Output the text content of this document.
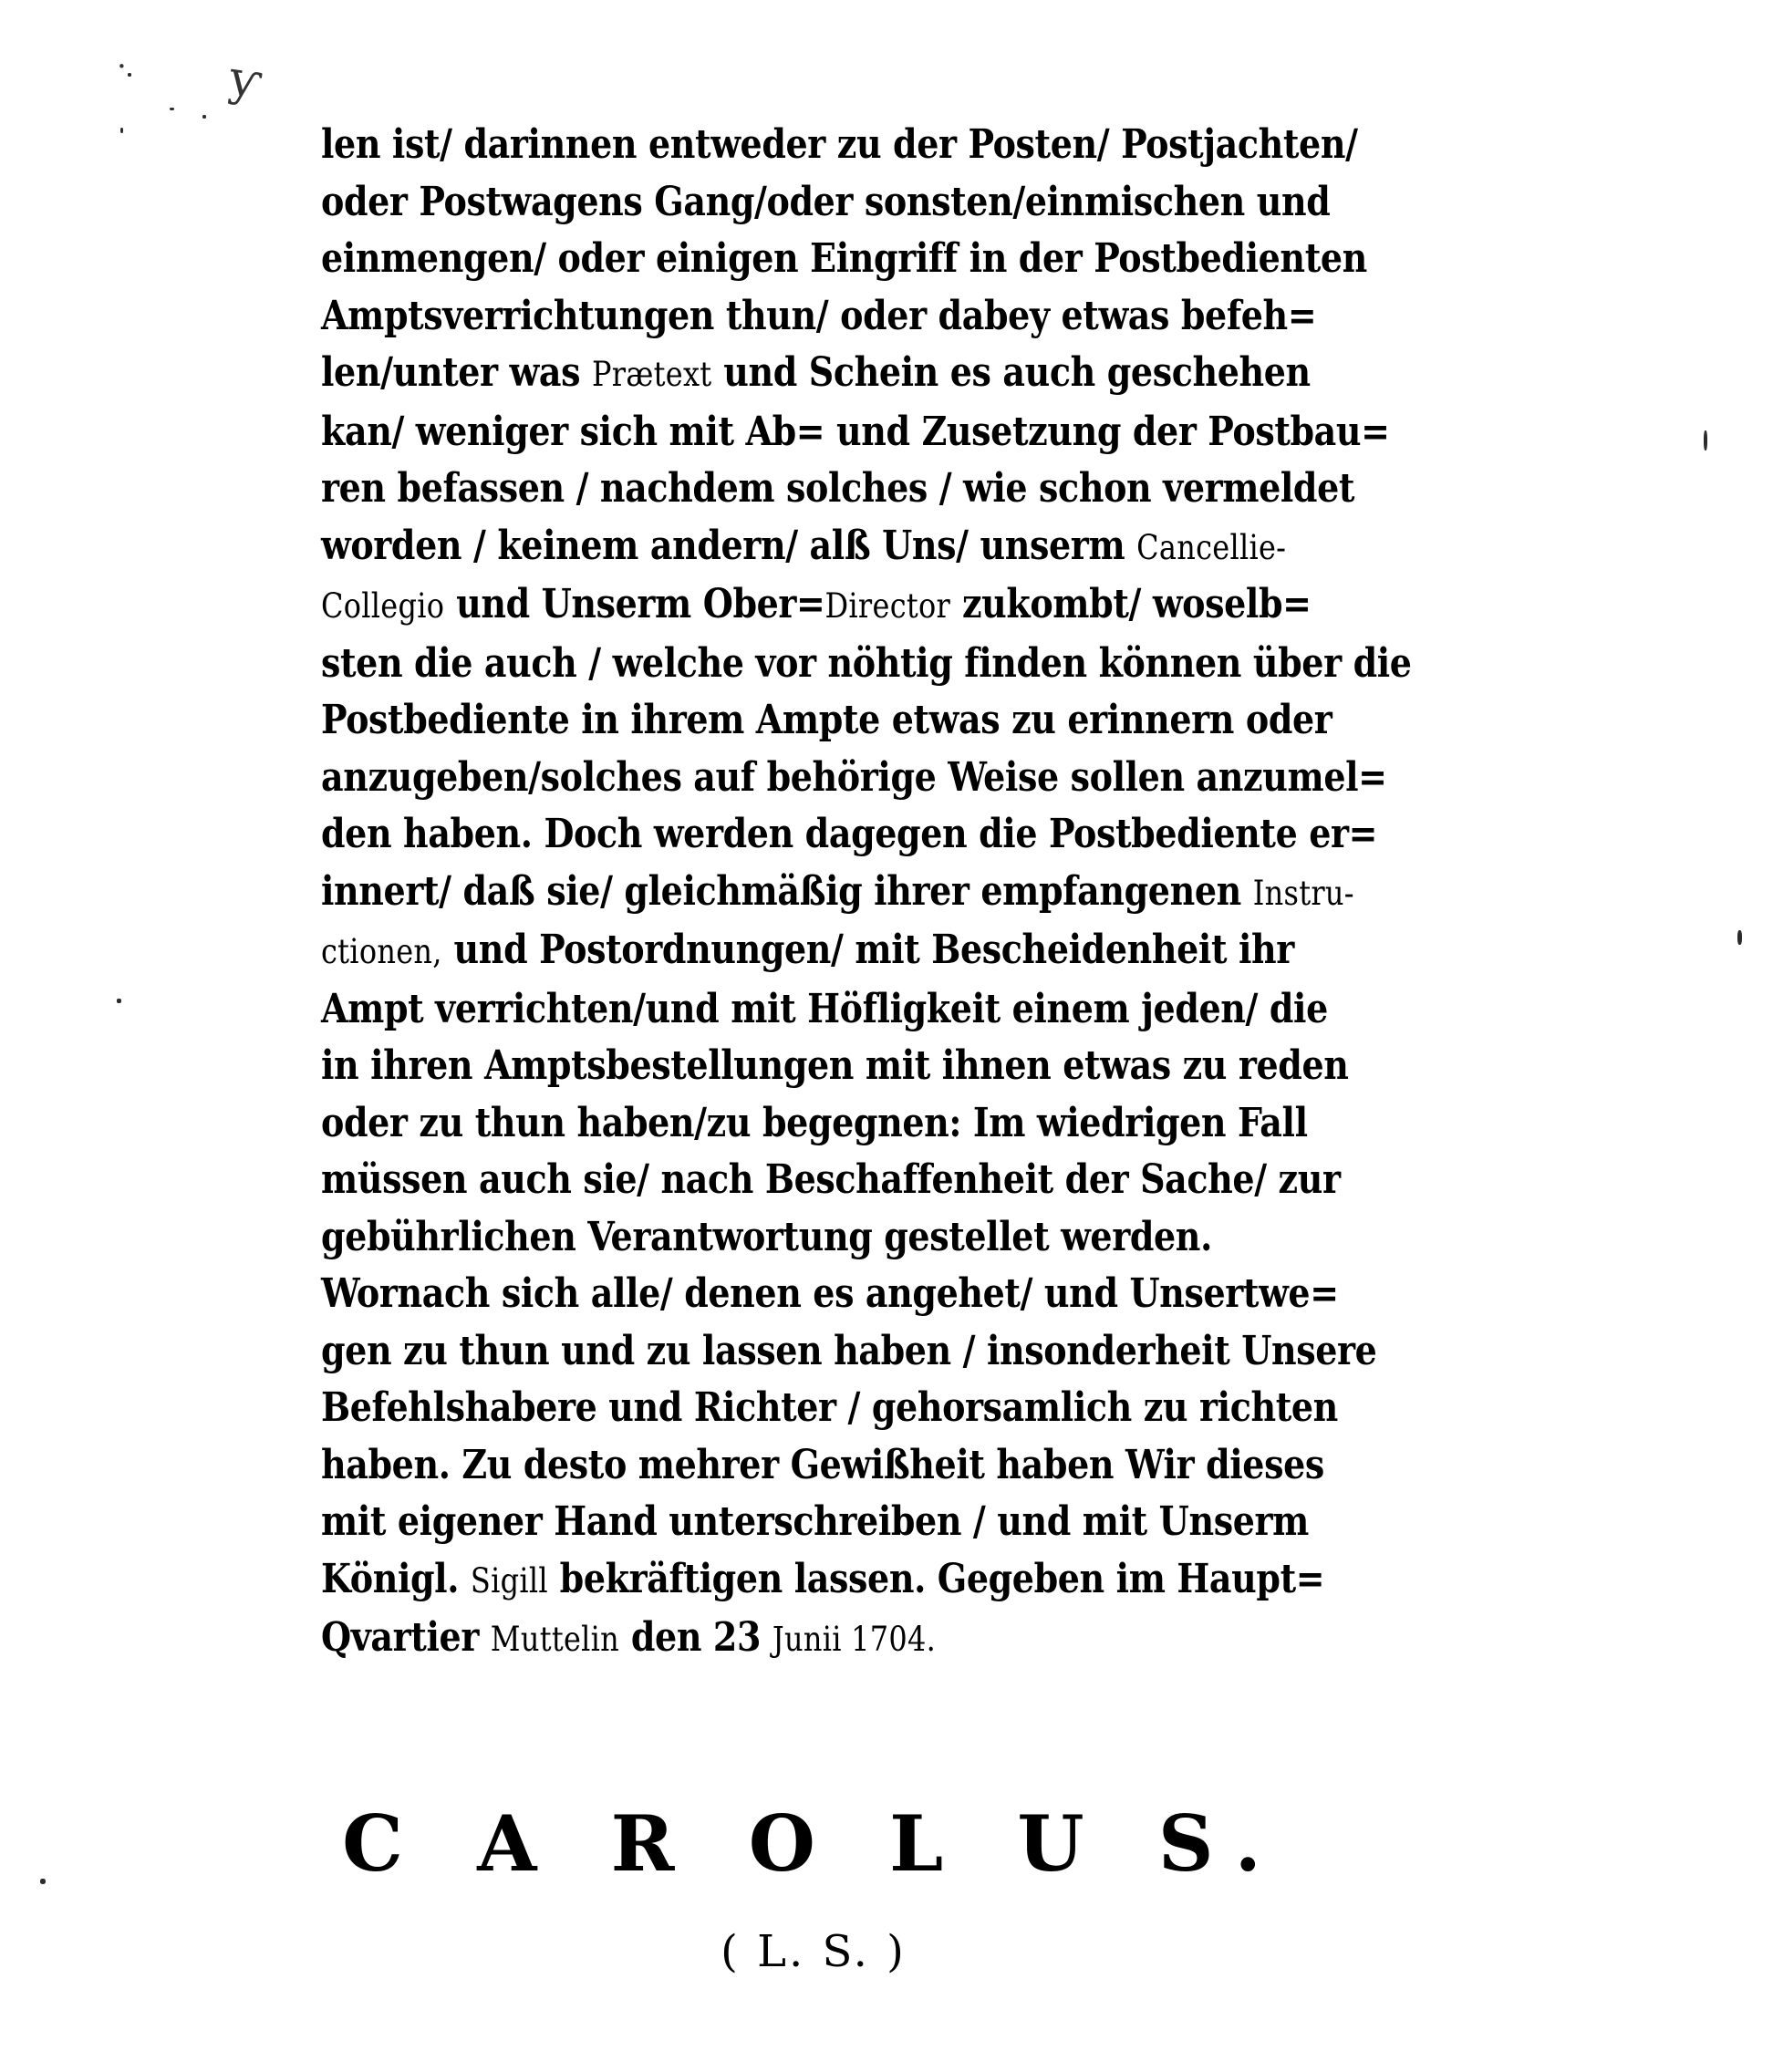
· ƴ
len ist/ darinnen entweder zu der Posten/ Postjachten/
oder Postwagens Gang/oder sonsten/einmischen und
einmengen/ oder einigen Eingriff in der Postbedienten
Amptsverrichtungen thun/ oder dabey etwas befeh=
len/unter was Prætext und Schein es auch geschehen
kan/ weniger sich mit Ab= und Zusetzung der Postbau=
ren befassen / nachdem solches / wie schon vermeldet
worden / keinem andern/ alß Uns/ unserm Cancellie-
Collegio und Unserm Ober=Director zukombt/ woselb=
sten die auch / welche vor nöhtig finden können über die
Postbediente in ihrem Ampte etwas zu erinnern oder
anzugeben/solches auf behörige Weise sollen anzumel=
den haben. Doch werden dagegen die Postbediente er=
innert/ daß sie/ gleichmäßig ihrer empfangenen Instru-
ctionen, und Postordnungen/ mit Bescheidenheit ihr
Ampt verrichten/und mit Höfligkeit einem jeden/ die
in ihren Amptsbestellungen mit ihnen etwas zu reden
oder zu thun haben/zu begegnen: Im wiedrigen Fall
müssen auch sie/ nach Beschaffenheit der Sache/ zur
gebührlichen Verantwortung gestellet werden.
Wornach sich alle/ denen es angehet/ und Unsertwe=
gen zu thun und zu lassen haben / insonderheit Unsere
Befehlshabere und Richter / gehorsamlich zu richten
haben. Zu desto mehrer Gewißheit haben Wir dieses
mit eigener Hand unterschreiben / und mit Unserm
Königl. Sigill bekräftigen lassen. Gegeben im Haupt=
Qvartier Muttelin den 23 Junii 1704.
C A R O L U S.
( L. S. )
